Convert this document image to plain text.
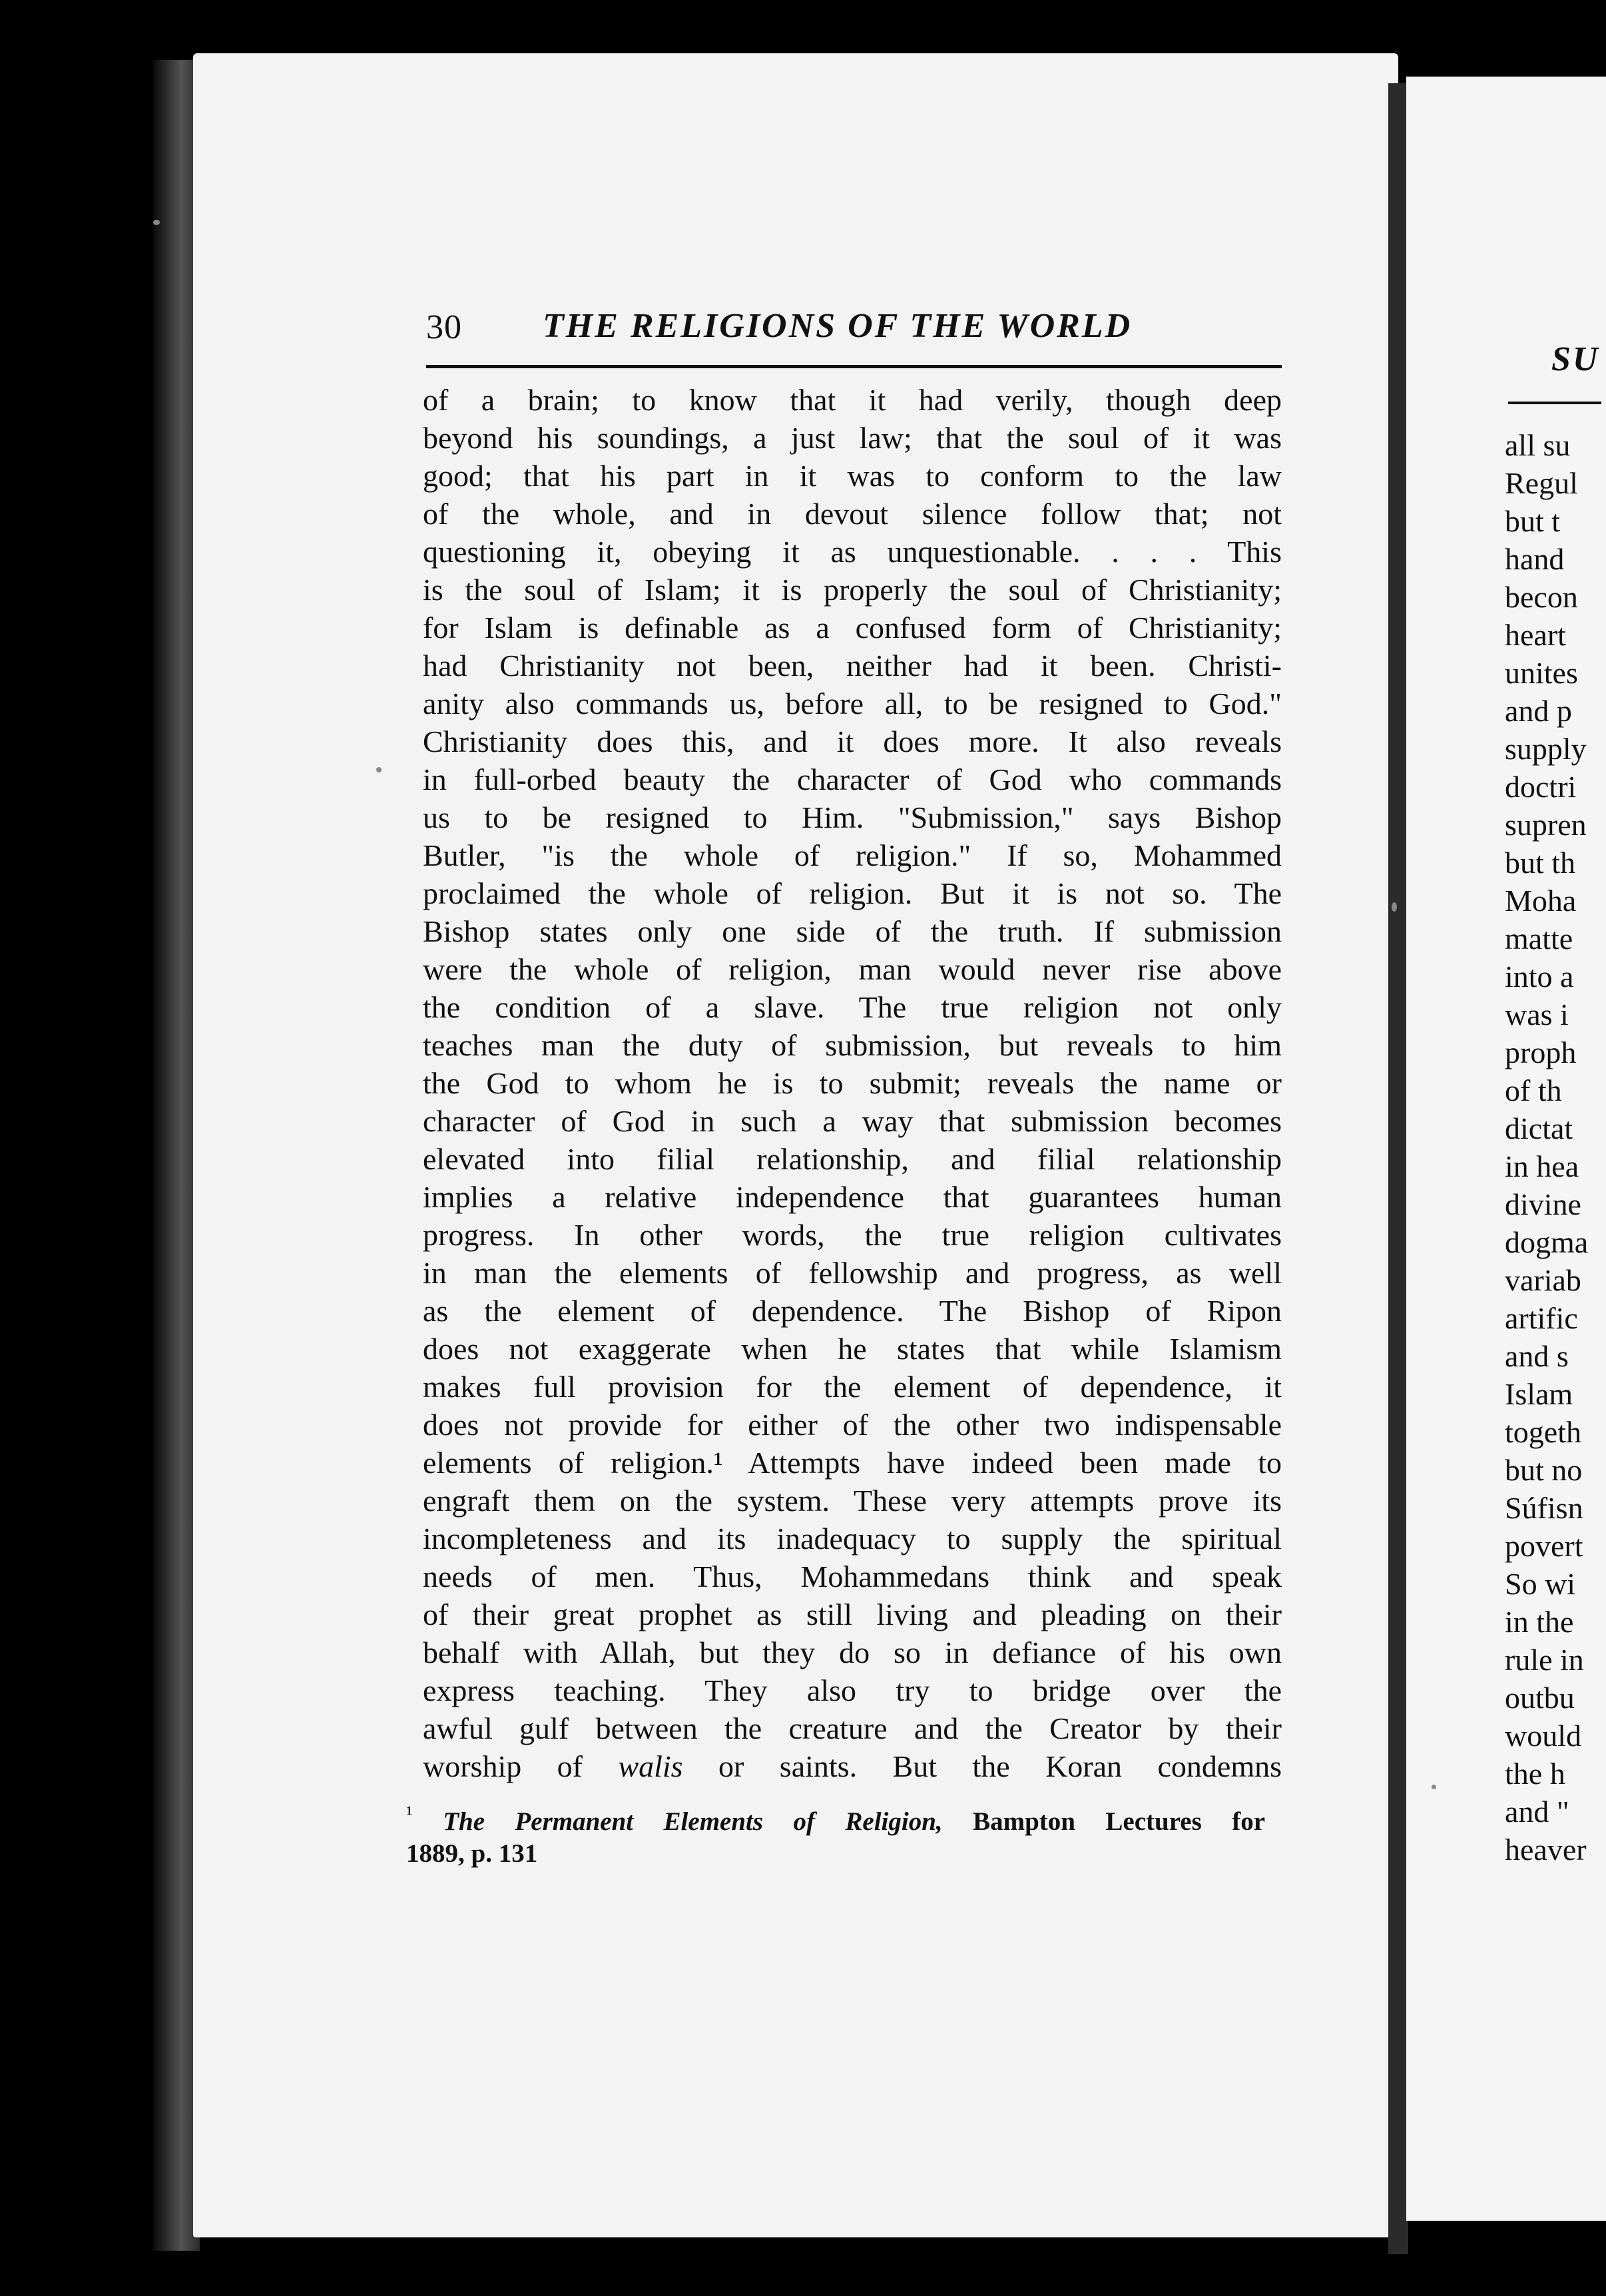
30 THE RELIGIONS OF THE WORLD
of a brain; to know that it had verily, though deep
beyond his soundings, a just law; that the soul of it was
good; that his part in it was to conform to the law
of the whole, and in devout silence follow that; not
questioning it, obeying it as unquestionable. . . . This
is the soul of Islam; it is properly the soul of Christianity;
for Islam is definable as a confused form of Christianity;
had Christianity not been, neither had it been. Christi-
anity also commands us, before all, to be resigned to God."
Christianity does this, and it does more. It also reveals
in full-orbed beauty the character of God who commands
us to be resigned to Him. "Submission," says Bishop
Butler, "is the whole of religion." If so, Mohammed
proclaimed the whole of religion. But it is not so. The
Bishop states only one side of the truth. If submission
were the whole of religion, man would never rise above
the condition of a slave. The true religion not only
teaches man the duty of submission, but reveals to him
the God to whom he is to submit; reveals the name or
character of God in such a way that submission becomes
elevated into filial relationship, and filial relationship
implies a relative independence that guarantees human
progress. In other words, the true religion cultivates
in man the elements of fellowship and progress, as well
as the element of dependence. The Bishop of Ripon
does not exaggerate when he states that while Islamism
makes full provision for the element of dependence, it
does not provide for either of the other two indispensable
elements of religion.¹ Attempts have indeed been made to
engraft them on the system. These very attempts prove its
incompleteness and its inadequacy to supply the spiritual
needs of men. Thus, Mohammedans think and speak
of their great prophet as still living and pleading on their
behalf with Allah, but they do so in defiance of his own
express teaching. They also try to bridge over the
awful gulf between the creature and the Creator by their
worship of walis or saints. But the Koran condemns
$^{^1}$ The Permanent Elements of Religion, Bampton Lectures for
1889, p. 131
SU
all su
Regul
but t
hand
becon
heart
unites
and p
supply
doctri
supren
but th
Moha
matte
into a
was i
proph
of th
dictat
in hea
divine
dogma
variab
artific
and s
Islam
togeth
but no
Súfisn
povert
So wi
in the
rule in
outbu
would
the h
and "
heaver
